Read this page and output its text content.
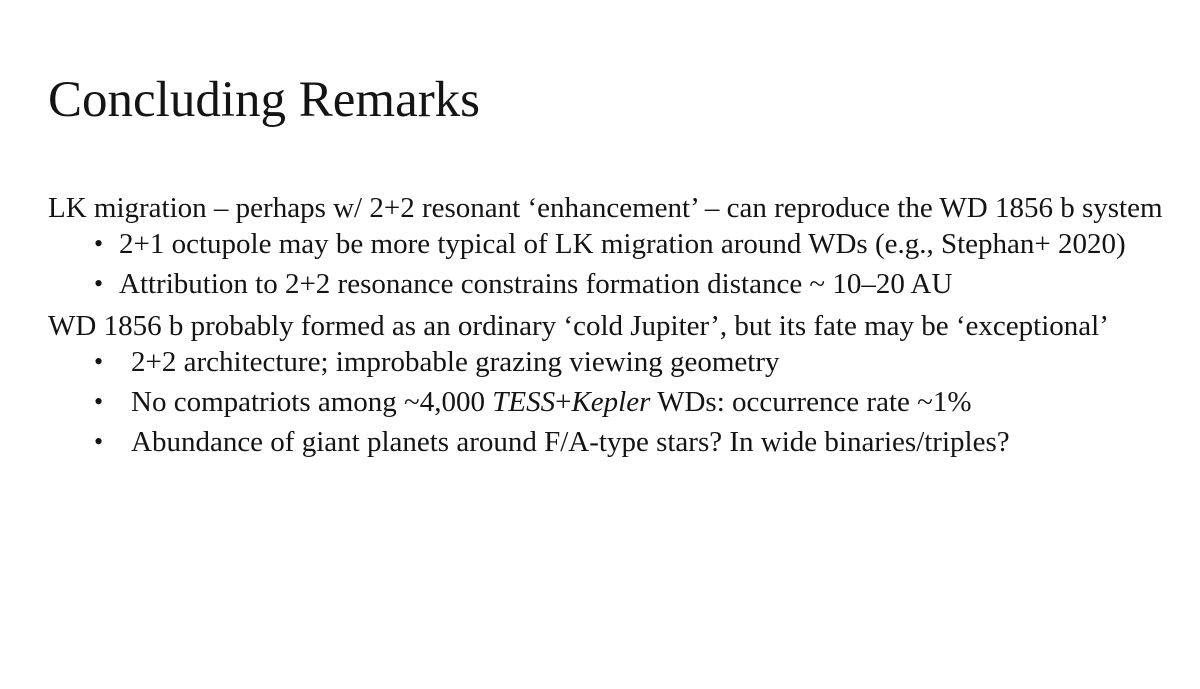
Concluding Remarks

LK migration – perhaps w/ 2+2 resonant ‘enhancement’ – can reproduce the WD 1856 b system

• 2+1 octupole may be more typical of LK migration around WDs (e.g., Stephan+ 2020)
• Attribution to 2+2 resonance constrains formation distance ~ 10–20 AU

WD 1856 b probably formed as an ordinary ‘cold Jupiter’, but its fate may be ‘exceptional’

• 2+2 architecture; improbable grazing viewing geometry
• No compatriots among ~4,000 TESS+Kepler WDs: occurrence rate ~1%
• Abundance of giant planets around F/A-type stars? In wide binaries/triples?
